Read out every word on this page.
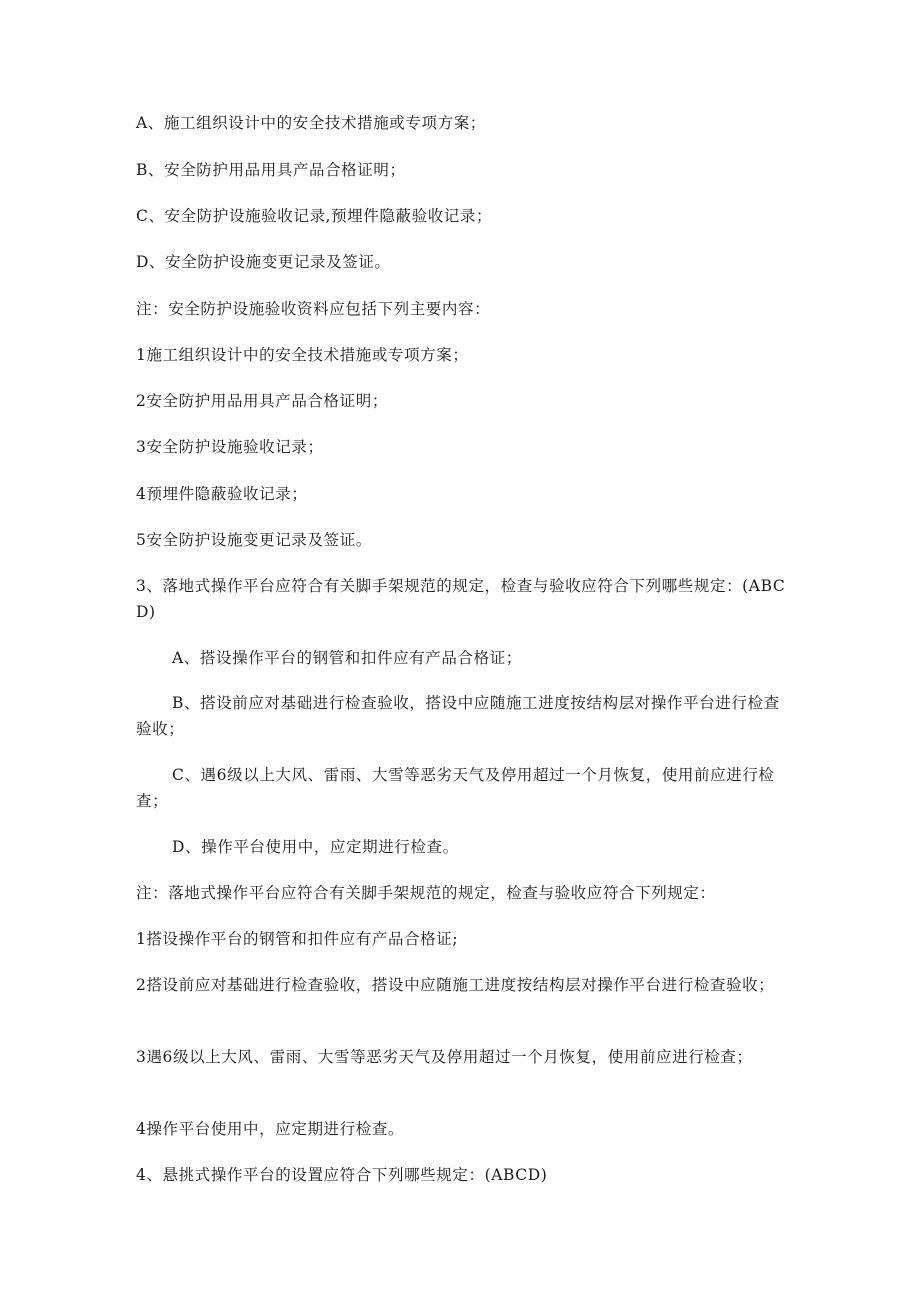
A、施工组织设计中的安全技术措施或专项方案；

B、安全防护用品用具产品合格证明；

C、安全防护设施验收记录,预埋件隐蔽验收记录；

D、安全防护设施变更记录及签证。

注：安全防护设施验收资料应包括下列主要内容：

1施工组织设计中的安全技术措施或专项方案；

2安全防护用品用具产品合格证明；

3安全防护设施验收记录；

4预埋件隐蔽验收记录；

5安全防护设施变更记录及签证。

3、落地式操作平台应符合有关脚手架规范的规定，检查与验收应符合下列哪些规定：(ABCD)

A、搭设操作平台的钢管和扣件应有产品合格证；

B、搭设前应对基础进行检查验收，搭设中应随施工进度按结构层对操作平台进行检查验收；

C、遇6级以上大风、雷雨、大雪等恶劣天气及停用超过一个月恢复，使用前应进行检查；

D、操作平台使用中，应定期进行检查。

注：落地式操作平台应符合有关脚手架规范的规定，检查与验收应符合下列规定：

1搭设操作平台的钢管和扣件应有产品合格证;

2搭设前应对基础进行检查验收，搭设中应随施工进度按结构层对操作平台进行检查验收；

3遇6级以上大风、雷雨、大雪等恶劣天气及停用超过一个月恢复，使用前应进行检查；

4操作平台使用中，应定期进行检查。

4、悬挑式操作平台的设置应符合下列哪些规定：(ABCD)
